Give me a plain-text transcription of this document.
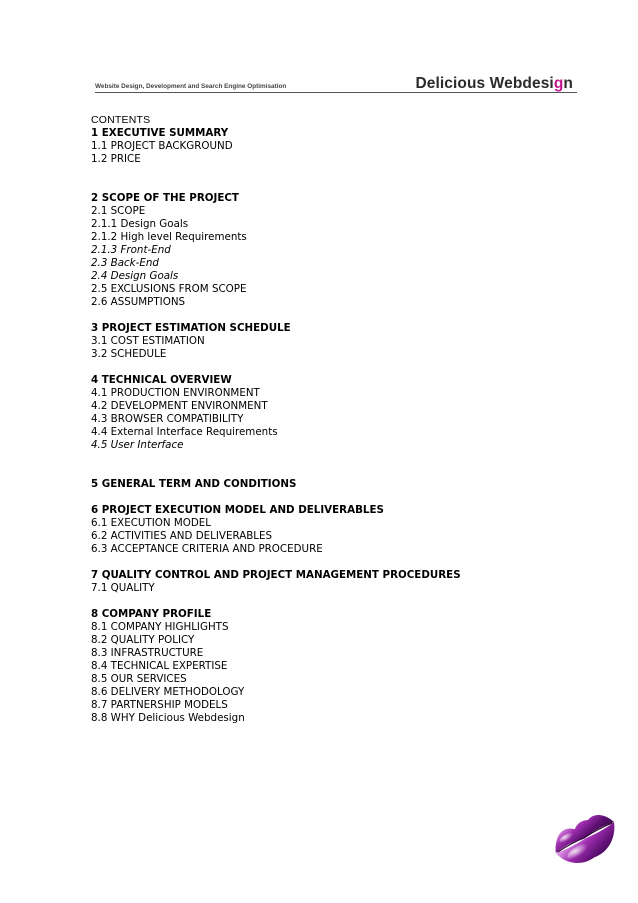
Website Design, Development and Search Engine Optimisation	Delicious Webdesign
CONTENTS
1 EXECUTIVE SUMMARY
1.1 PROJECT BACKGROUND
1.2 PRICE
2 SCOPE OF THE PROJECT
2.1 SCOPE
2.1.1 Design Goals
2.1.2 High level Requirements
2.1.3 Front-End
2.3 Back-End
2.4 Design Goals
2.5 EXCLUSIONS FROM SCOPE
2.6 ASSUMPTIONS
3 PROJECT ESTIMATION SCHEDULE
3.1 COST ESTIMATION
3.2 SCHEDULE
4 TECHNICAL OVERVIEW
4.1 PRODUCTION ENVIRONMENT
4.2 DEVELOPMENT ENVIRONMENT
4.3 BROWSER COMPATIBILITY
4.4 External Interface Requirements
4.5 User Interface
5 GENERAL TERM AND CONDITIONS
6 PROJECT EXECUTION MODEL AND DELIVERABLES
6.1 EXECUTION MODEL
6.2 ACTIVITIES AND DELIVERABLES
6.3 ACCEPTANCE CRITERIA AND PROCEDURE
7 QUALITY CONTROL AND PROJECT MANAGEMENT PROCEDURES
7.1 QUALITY
8 COMPANY PROFILE
8.1 COMPANY HIGHLIGHTS
8.2 QUALITY POLICY
8.3 INFRASTRUCTURE
8.4 TECHNICAL EXPERTISE
8.5 OUR SERVICES
8.6 DELIVERY METHODOLOGY
8.7 PARTNERSHIP MODELS
8.8 WHY Delicious Webdesign
